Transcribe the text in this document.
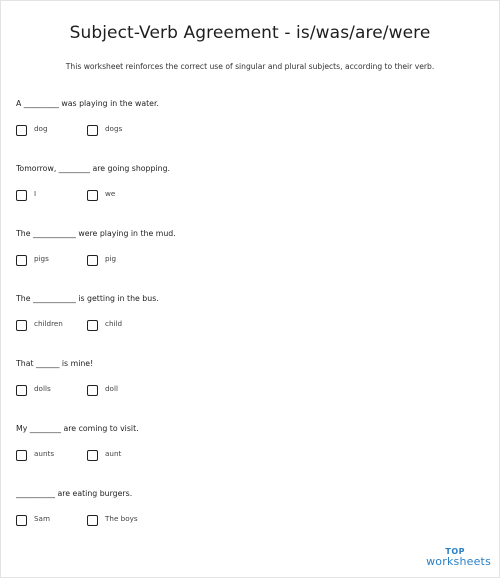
Subject-Verb Agreement - is/was/are/were
This worksheet reinforces the correct use of singular and plural subjects, according to their verb.
A _________ was playing in the water.
dog	dogs
Tomorrow, ________ are going shopping.
I	we
The ___________ were playing in the mud.
pigs	pig
The ___________ is getting in the bus.
children	child
That ______ is mine!
dolls	doll
My ________ are coming to visit.
aunts	aunt
__________ are eating burgers.
Sam	The boys
TOP
worksheets
